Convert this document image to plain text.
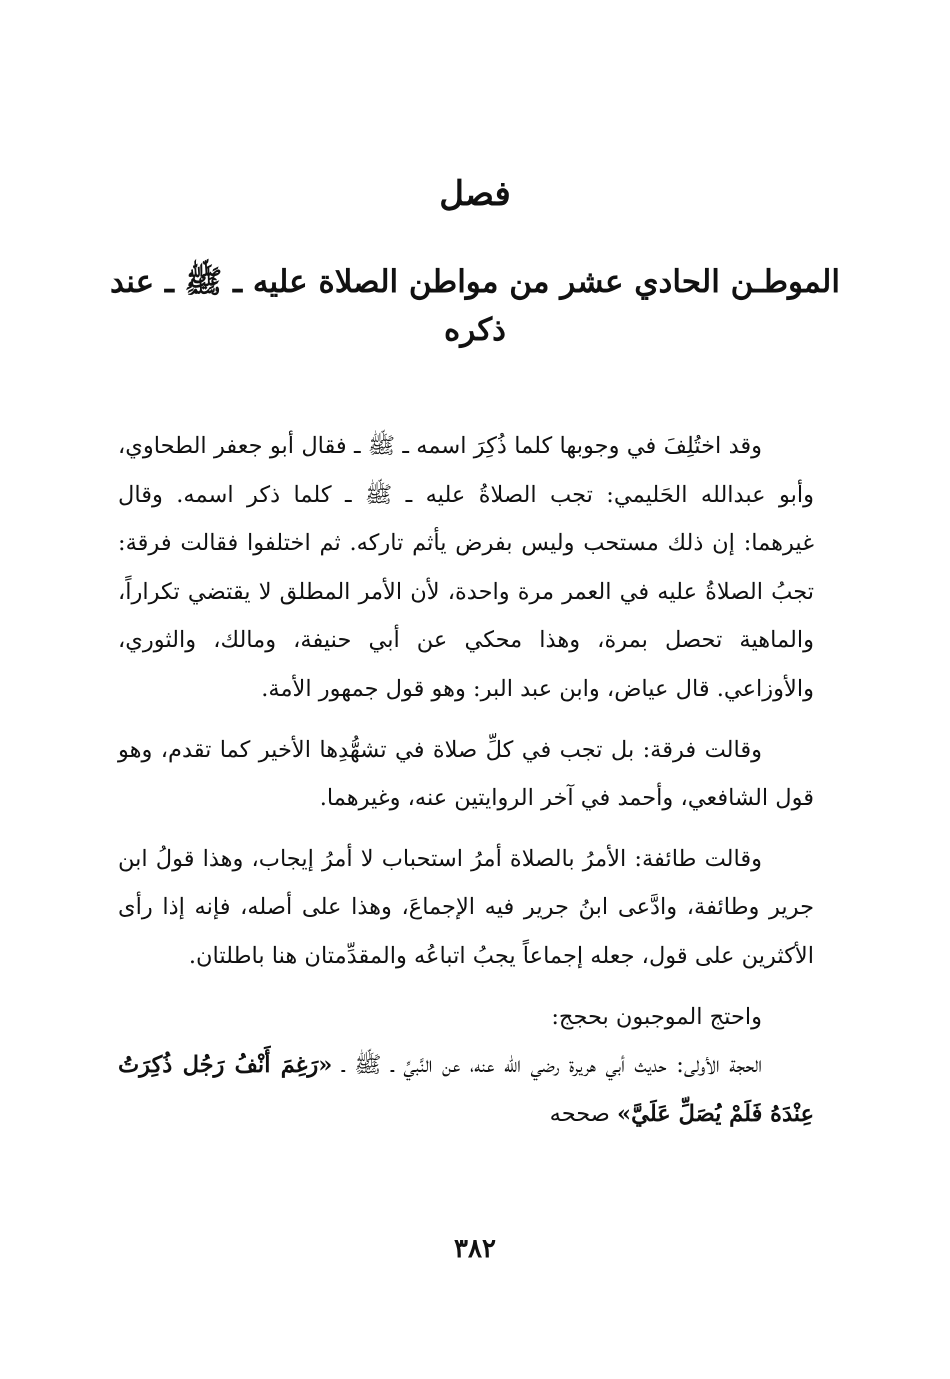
فصل
الموطـن الحادي عشر من مواطن الصلاة عليه ـ ﷺ ـ عند ذكره

وقد اختُلِفَ في وجوبها كلما ذُكِرَ اسمه ـ ﷺ ـ فقال أبو جعفر الطحاوي، وأبو عبدالله الحَليمي: تجب الصلاةُ عليه ـ ﷺ ـ كلما ذكر اسمه. وقال غيرهما: إن ذلك مستحب وليس بفرض يأثم تاركه. ثم اختلفوا فقالت فرقة: تجبُ الصلاةُ عليه في العمر مرة واحدة، لأن الأمر المطلق لا يقتضي تكراراً، والماهية تحصل بمرة، وهذا محكي عن أبي حنيفة، ومالك، والثوري، والأوزاعي. قال عياض، وابن عبد البر: وهو قول جمهور الأمة.

وقالت فرقة: بل تجب في كلِّ صلاة في تشهُّدِها الأخير كما تقدم، وهو قول الشافعي، وأحمد في آخر الروايتين عنه، وغيرهما.

وقالت طائفة: الأمرُ بالصلاة أمرُ استحباب لا أمرُ إيجاب، وهذا قولُ ابن جرير وطائفة، وادَّعى ابنُ جرير فيه الإجماعَ، وهذا على أصله، فإنه إذا رأى الأكثرين على قول، جعله إجماعاً يجبُ اتباعُه والمقدِّمتان هنا باطلتان.

واحتج الموجبون بحجج:

الحجة الأولى: حديث أبي هريرة رضي الله عنه، عن النَّبيِّ ـ ﷺ ـ «رَغِمَ أَنْفُ رَجُل ذُكِرَتُ عِنْدَهُ فَلَمْ يُصَلِّ عَلَيَّ» صححه

٣٨٢
